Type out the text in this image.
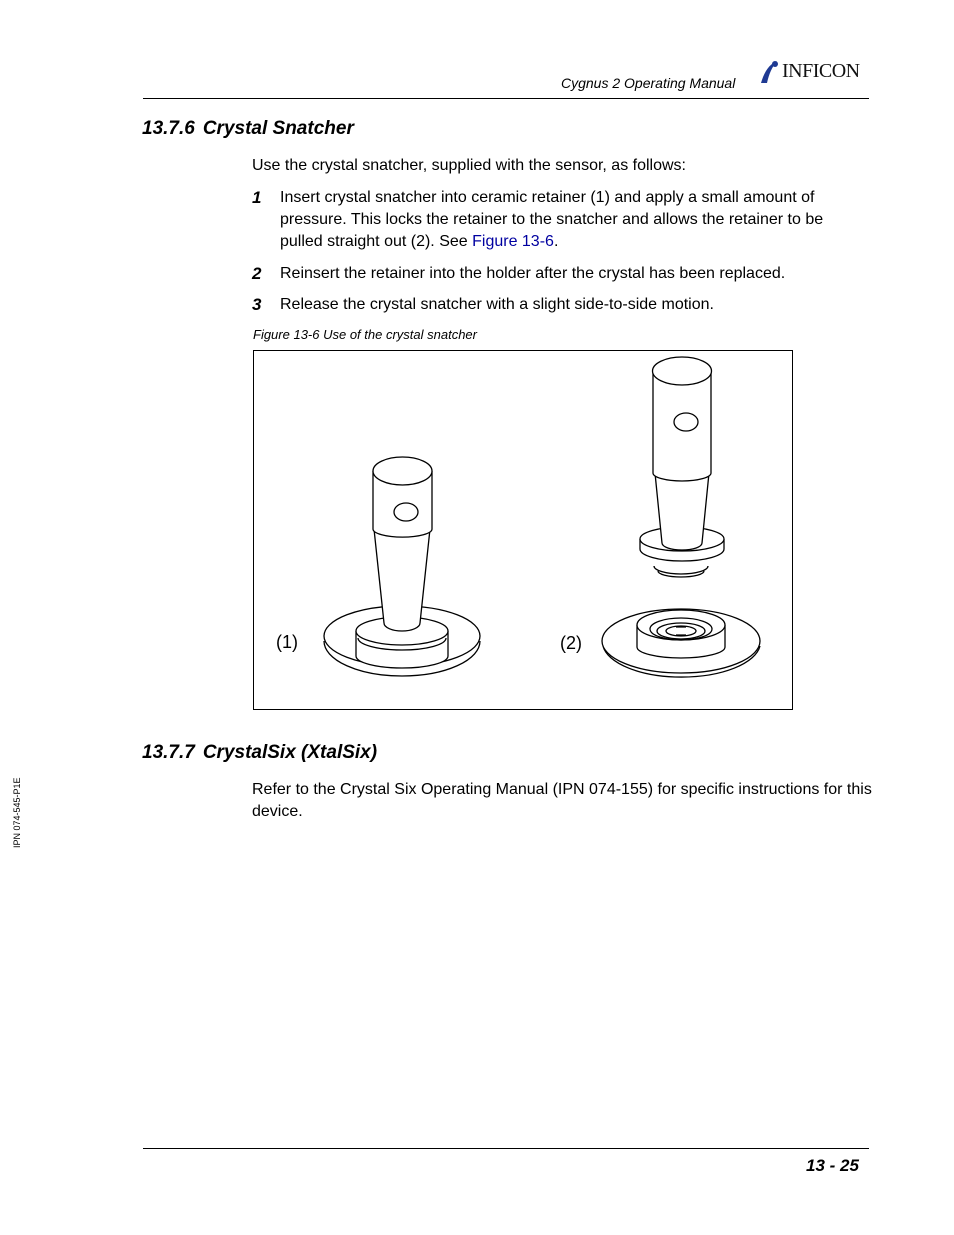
Cygnus 2 Operating Manual
INFICON
13.7.6 Crystal Snatcher
Use the crystal snatcher, supplied with the sensor, as follows:
1 Insert crystal snatcher into ceramic retainer (1) and apply a small amount of pressure. This locks the retainer to the snatcher and allows the retainer to be pulled straight out (2). See Figure 13-6.
2 Reinsert the retainer into the holder after the crystal has been replaced.
3 Release the crystal snatcher with a slight side-to-side motion.
Figure 13-6 Use of the crystal snatcher
(1)	(2)
13.7.7 CrystalSix (XtalSix)
Refer to the Crystal Six Operating Manual (IPN 074-155) for specific instructions for this device.
IPN 074-545-P1E
13 - 25
